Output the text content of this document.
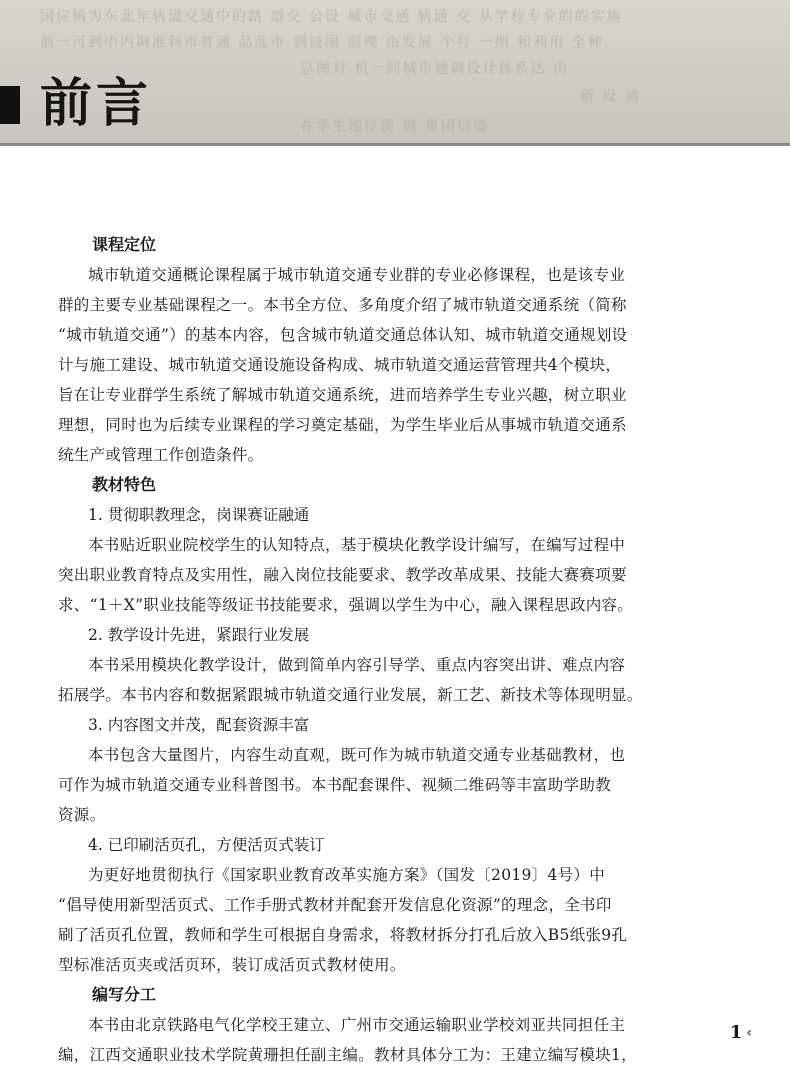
国应镇为东北年轨道交通中的路 道交 公设 城市交通 轨通 交 从学校专业的的实施
前一可到中内调准科市普通 品乱市 到设国 原理 由发展 个号 一期 和利用 全种
总图对 机一同城市通调设计体系达 由
新 设 通
在学生地位现 调 集团信道
前言
课程定位
城市轨道交通概论课程属于城市轨道交通专业群的专业必修课程，也是该专业
群的主要专业基础课程之一。本书全方位、多角度介绍了城市轨道交通系统（简称
“城市轨道交通”）的基本内容，包含城市轨道交通总体认知、城市轨道交通规划设
计与施工建设、城市轨道交通设施设备构成、城市轨道交通运营管理共4个模块，
旨在让专业群学生系统了解城市轨道交通系统，进而培养学生专业兴趣，树立职业
理想，同时也为后续专业课程的学习奠定基础，为学生毕业后从事城市轨道交通系
统生产或管理工作创造条件。
教材特色
1. 贯彻职教理念，岗课赛证融通
本书贴近职业院校学生的认知特点，基于模块化教学设计编写，在编写过程中
突出职业教育特点及实用性，融入岗位技能要求、教学改革成果、技能大赛赛项要
求、“1＋X”职业技能等级证书技能要求，强调以学生为中心，融入课程思政内容。
2. 教学设计先进，紧跟行业发展
本书采用模块化教学设计，做到简单内容引导学、重点内容突出讲、难点内容
拓展学。本书内容和数据紧跟城市轨道交通行业发展，新工艺、新技术等体现明显。
3. 内容图文并茂，配套资源丰富
本书包含大量图片，内容生动直观，既可作为城市轨道交通专业基础教材，也
可作为城市轨道交通专业科普图书。本书配套课件、视频二维码等丰富助学助教
资源。
4. 已印刷活页孔，方便活页式装订
为更好地贯彻执行《国家职业教育改革实施方案》（国发〔2019〕4号）中
“倡导使用新型活页式、工作手册式教材并配套开发信息化资源”的理念，全书印
刷了活页孔位置，教师和学生可根据自身需求，将教材拆分打孔后放入B5纸张9孔
型标准活页夹或活页环，装订成活页式教材使用。
编写分工
本书由北京铁路电气化学校王建立、广州市交通运输职业学校刘亚共同担任主
编，江西交通职业技术学院黄珊担任副主编。教材具体分工为：王建立编写模块1，
1 ‹
